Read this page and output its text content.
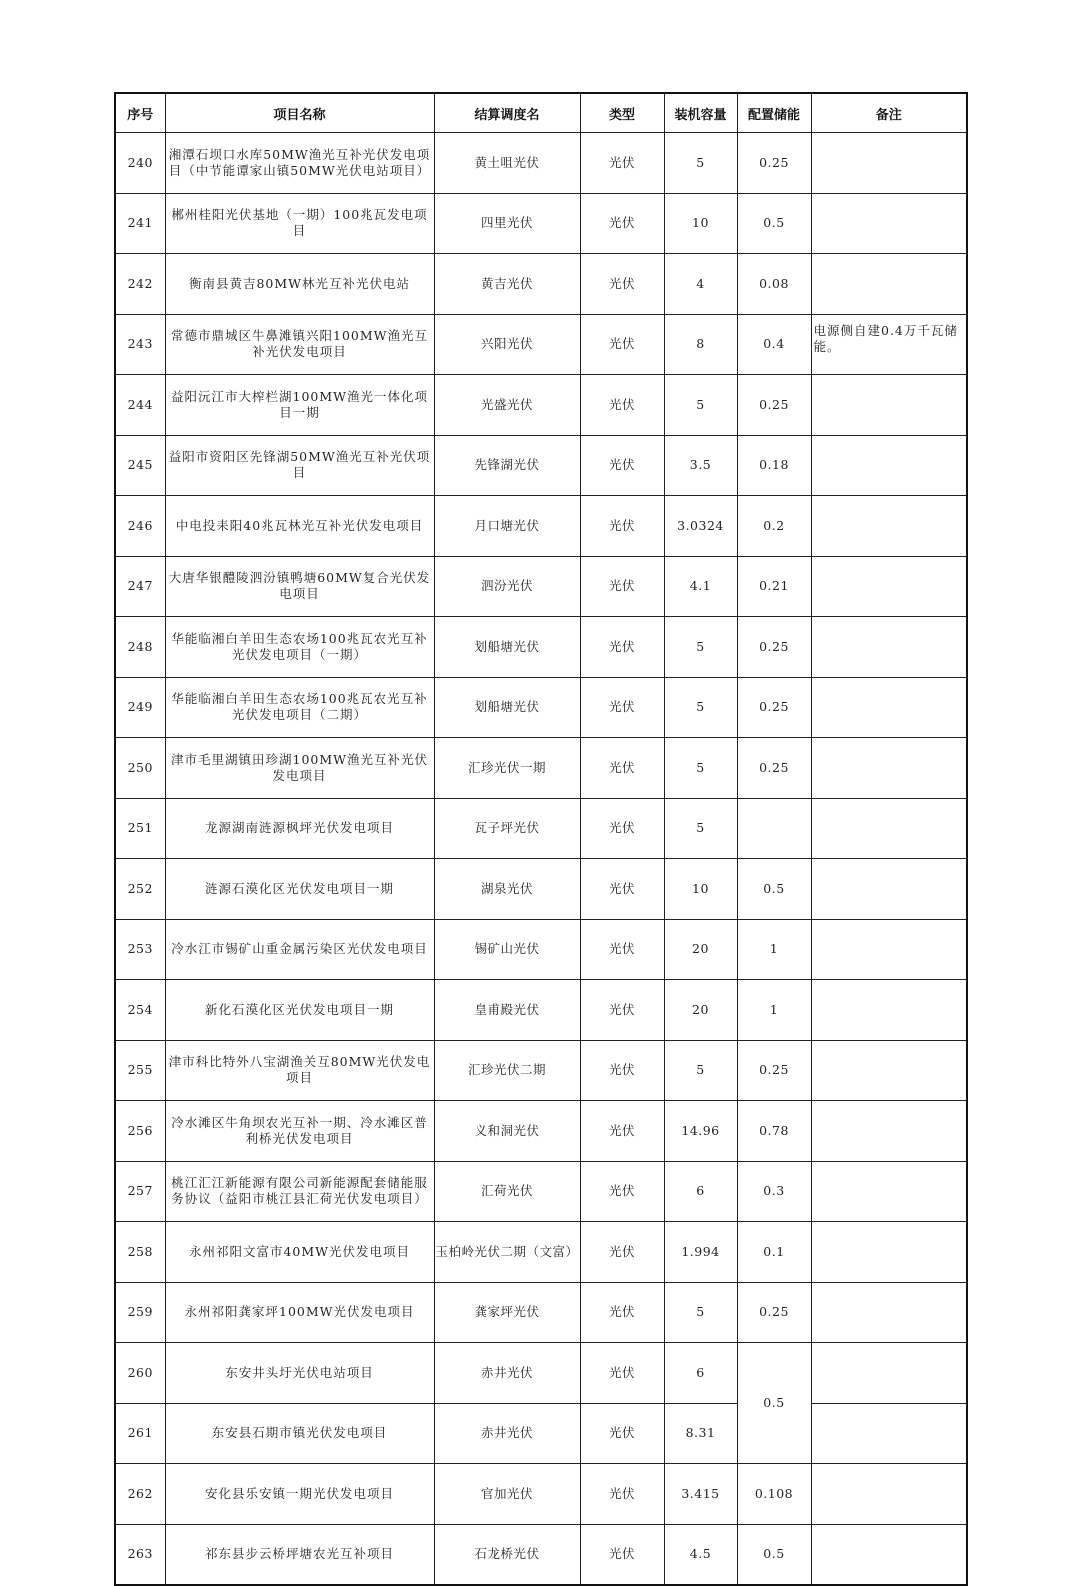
序号	项目名称	结算调度名	类型	装机容量	配置储能	备注
240	湘潭石坝口水库50MW渔光互补光伏发电项目（中节能谭家山镇50MW光伏电站项目）	黄土咀光伏	光伏	5	0.25	
241	郴州桂阳光伏基地（一期）100兆瓦发电项目	四里光伏	光伏	10	0.5	
242	衡南县黄吉80MW林光互补光伏电站	黄吉光伏	光伏	4	0.08	
243	常德市鼎城区牛鼻滩镇兴阳100MW渔光互补光伏发电项目	兴阳光伏	光伏	8	0.4	电源侧自建0.4万千瓦储能。
244	益阳沅江市大榨栏湖100MW渔光一体化项目一期	光盛光伏	光伏	5	0.25	
245	益阳市资阳区先锋湖50MW渔光互补光伏项目	先锋湖光伏	光伏	3.5	0.18	
246	中电投耒阳40兆瓦林光互补光伏发电项目	月口塘光伏	光伏	3.0324	0.2	
247	大唐华银醴陵泗汾镇鸭塘60MW复合光伏发电项目	泗汾光伏	光伏	4.1	0.21	
248	华能临湘白羊田生态农场100兆瓦农光互补光伏发电项目（一期）	划船塘光伏	光伏	5	0.25	
249	华能临湘白羊田生态农场100兆瓦农光互补光伏发电项目（二期）	划船塘光伏	光伏	5	0.25	
250	津市毛里湖镇田珍湖100MW渔光互补光伏发电项目	汇珍光伏一期	光伏	5	0.25	
251	龙源湖南涟源枫坪光伏发电项目	瓦子坪光伏	光伏	5		
252	涟源石漠化区光伏发电项目一期	湖泉光伏	光伏	10	0.5	
253	冷水江市锡矿山重金属污染区光伏发电项目	锡矿山光伏	光伏	20	1	
254	新化石漠化区光伏发电项目一期	皇甫殿光伏	光伏	20	1	
255	津市科比特外八宝湖渔关互80MW光伏发电项目	汇珍光伏二期	光伏	5	0.25	
256	冷水滩区牛角坝农光互补一期、冷水滩区普利桥光伏发电项目	义和洞光伏	光伏	14.96	0.78	
257	桃江汇江新能源有限公司新能源配套储能服务协议（益阳市桃江县汇荷光伏发电项目）	汇荷光伏	光伏	6	0.3	
258	永州祁阳文富市40MW光伏发电项目	玉柏岭光伏二期（文富）	光伏	1.994	0.1	
259	永州祁阳龚家坪100MW光伏发电项目	龚家坪光伏	光伏	5	0.25	
260	东安井头圩光伏电站项目	赤井光伏	光伏	6	0.5	
261	东安县石期市镇光伏发电项目	赤井光伏	光伏	8.31		
262	安化县乐安镇一期光伏发电项目	官加光伏	光伏	3.415	0.108	
263	祁东县步云桥坪塘农光互补项目	石龙桥光伏	光伏	4.5	0.5	
